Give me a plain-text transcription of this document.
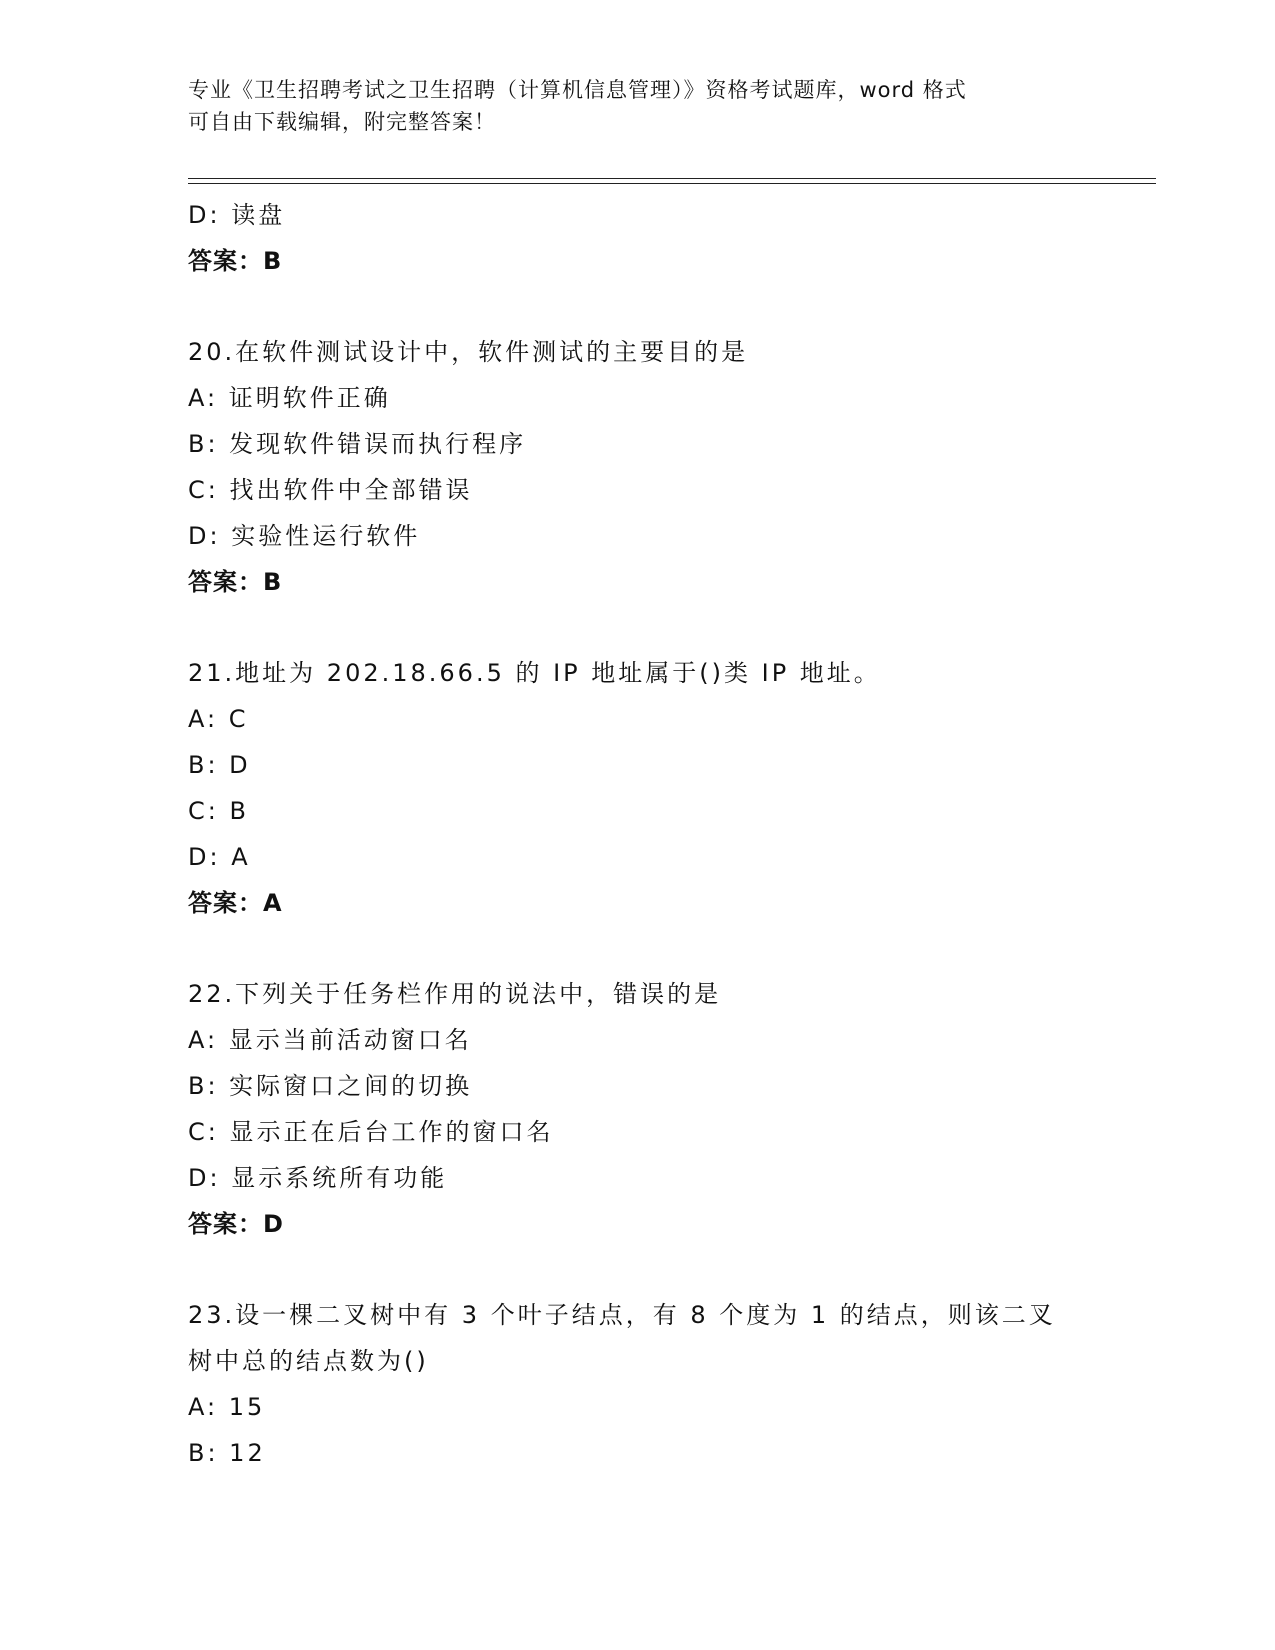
专业《卫生招聘考试之卫生招聘（计算机信息管理）》资格考试题库，word 格式
可自由下载编辑，附完整答案！
D: 读盘
答案：B
20.在软件测试设计中，软件测试的主要目的是
A: 证明软件正确
B: 发现软件错误而执行程序
C: 找出软件中全部错误
D: 实验性运行软件
答案：B
21.地址为 202.18.66.5 的 IP 地址属于()类 IP 地址。
A: C
B: D
C: B
D: A
答案：A
22.下列关于任务栏作用的说法中，错误的是
A: 显示当前活动窗口名
B: 实际窗口之间的切换
C: 显示正在后台工作的窗口名
D: 显示系统所有功能
答案：D
23.设一棵二叉树中有 3 个叶子结点，有 8 个度为 1 的结点，则该二叉
树中总的结点数为()
A: 15
B: 12
